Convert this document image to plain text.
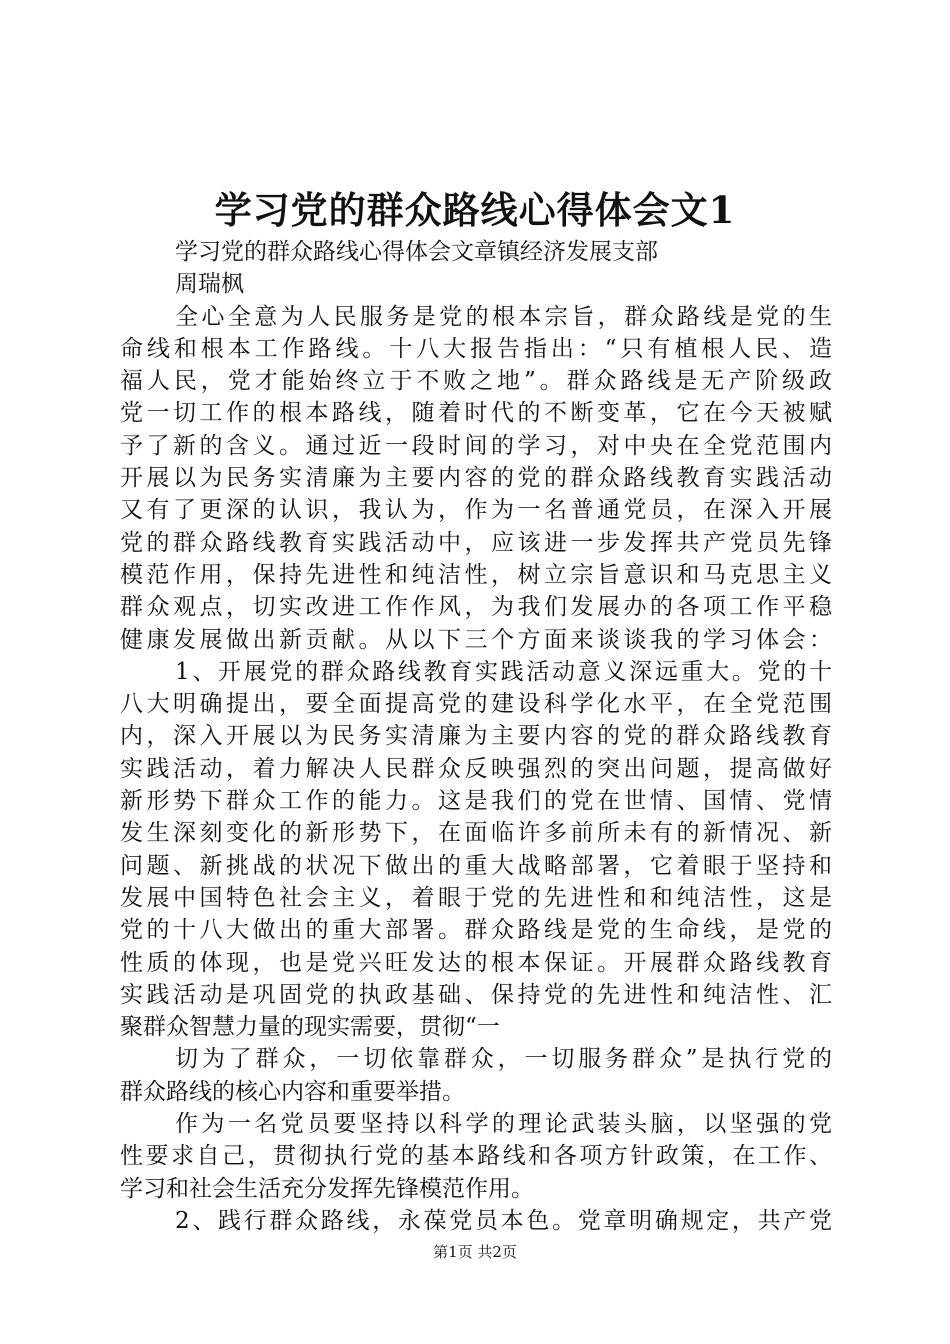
学习党的群众路线心得体会文1
学习党的群众路线心得体会文章镇经济发展支部
周瑞枫
全心全意为人民服务是党的根本宗旨，群众路线是党的生
命线和根本工作路线。十八大报告指出：“只有植根人民、造
福人民，党才能始终立于不败之地”。群众路线是无产阶级政
党一切工作的根本路线，随着时代的不断变革，它在今天被赋
予了新的含义。通过近一段时间的学习，对中央在全党范围内
开展以为民务实清廉为主要内容的党的群众路线教育实践活动
又有了更深的认识，我认为，作为一名普通党员，在深入开展
党的群众路线教育实践活动中，应该进一步发挥共产党员先锋
模范作用，保持先进性和纯洁性，树立宗旨意识和马克思主义
群众观点，切实改进工作作风，为我们发展办的各项工作平稳
健康发展做出新贡献。从以下三个方面来谈谈我的学习体会：
1、开展党的群众路线教育实践活动意义深远重大。党的十
八大明确提出，要全面提高党的建设科学化水平，在全党范围
内，深入开展以为民务实清廉为主要内容的党的群众路线教育
实践活动，着力解决人民群众反映强烈的突出问题，提高做好
新形势下群众工作的能力。这是我们的党在世情、国情、党情
发生深刻变化的新形势下，在面临许多前所未有的新情况、新
问题、新挑战的状况下做出的重大战略部署，它着眼于坚持和
发展中国特色社会主义，着眼于党的先进性和和纯洁性，这是
党的十八大做出的重大部署。群众路线是党的生命线，是党的
性质的体现，也是党兴旺发达的根本保证。开展群众路线教育
实践活动是巩固党的执政基础、保持党的先进性和纯洁性、汇
聚群众智慧力量的现实需要，贯彻“一
切为了群众，一切依靠群众，一切服务群众”是执行党的
群众路线的核心内容和重要举措。
作为一名党员要坚持以科学的理论武装头脑，以坚强的党
性要求自己，贯彻执行党的基本路线和各项方针政策，在工作、
学习和社会生活充分发挥先锋模范作用。
2、践行群众路线，永葆党员本色。党章明确规定，共产党
第1页 共2页
